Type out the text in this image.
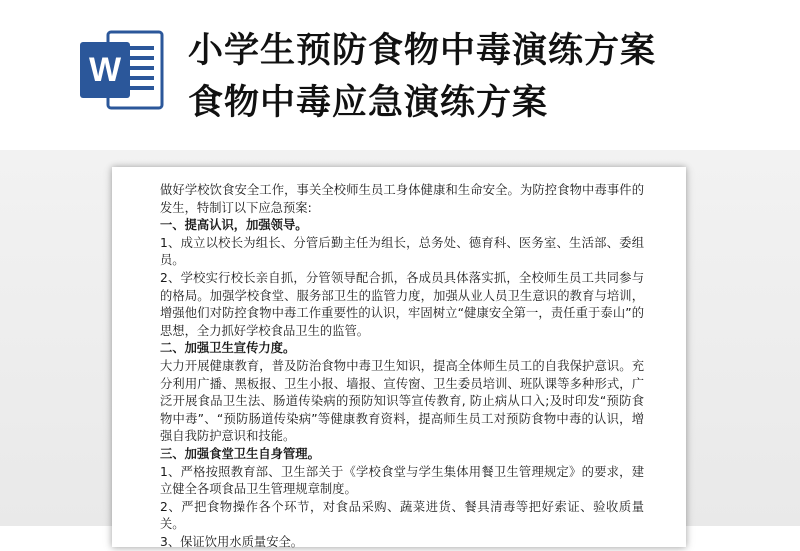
W 小学生预防食物中毒演练方案
食物中毒应急演练方案

做好学校饮食安全工作，事关全校师生员工身体健康和生命安全。为防控食物中毒事件的发生，特制订以下应急预案:

一、提高认识，加强领导。

1、成立以校长为组长、分管后勤主任为组长，总务处、德育科、医务室、生活部、委组员。

2、学校实行校长亲自抓，分管领导配合抓，各成员具体落实抓，全校师生员工共同参与的格局。加强学校食堂、服务部卫生的监管力度，加强从业人员卫生意识的教育与培训，增强他们对防控食物中毒工作重要性的认识，牢固树立“健康安全第一，责任重于泰山”的思想，全力抓好学校食品卫生的监管。

二、加强卫生宣传力度。

大力开展健康教育，普及防治食物中毒卫生知识，提高全体师生员工的自我保护意识。充分利用广播、黑板报、卫生小报、墙报、宣传窗、卫生委员培训、班队课等多种形式，广泛开展食品卫生法、肠道传染病的预防知识等宣传教育, 防止病从口入;及时印发“预防食物中毒”、“预防肠道传染病”等健康教育资料，提高师生员工对预防食物中毒的认识，增强自我防护意识和技能。

三、加强食堂卫生自身管理。

1、严格按照教育部、卫生部关于《学校食堂与学生集体用餐卫生管理规定》的要求，建立健全各项食品卫生管理规章制度。

2、严把食物操作各个环节，对食品采购、蔬菜进货、餐具清毒等把好索证、验收质量关。

3、保证饮用水质量安全。
